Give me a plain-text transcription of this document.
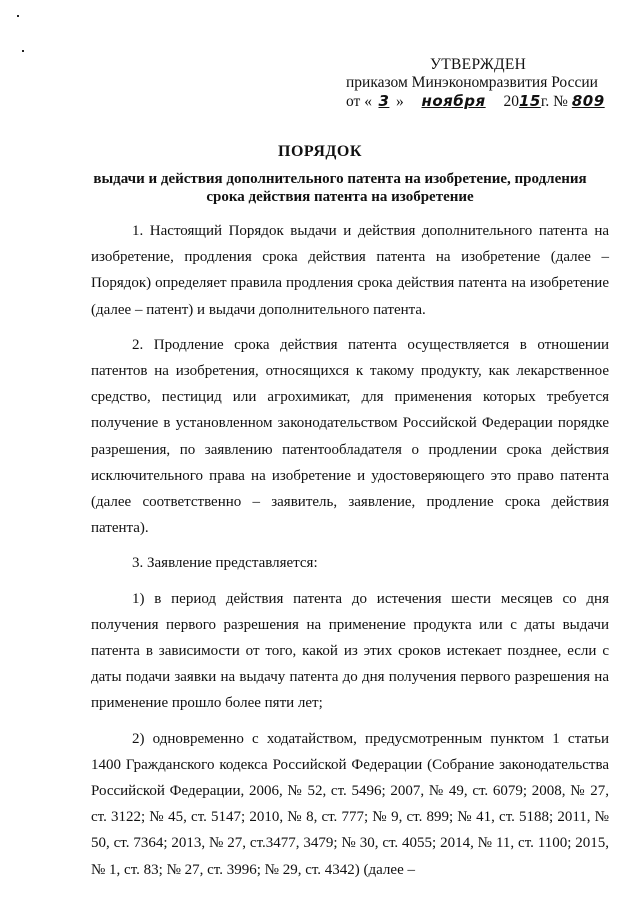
УТВЕРЖДЕН
приказом Минэкономразвития России
от « 3 » ноября 2015г. № 809
ПОРЯДОК
выдачи и действия дополнительного патента на изобретение, продления срока действия патента на изобретение

1. Настоящий Порядок выдачи и действия дополнительного патента на изобретение, продления срока действия патента на изобретение (далее – Порядок) определяет правила продления срока действия патента на изобретение (далее – патент) и выдачи дополнительного патента.

2. Продление срока действия патента осуществляется в отношении патентов на изобретения, относящихся к такому продукту, как лекарственное средство, пестицид или агрохимикат, для применения которых требуется получение в установленном законодательством Российской Федерации порядке разрешения, по заявлению патентообладателя о продлении срока действия исключительного права на изобретение и удостоверяющего это право патента (далее соответственно – заявитель, заявление, продление срока действия патента).

3. Заявление представляется:

1) в период действия патента до истечения шести месяцев со дня получения первого разрешения на применение продукта или с даты выдачи патента в зависимости от того, какой из этих сроков истекает позднее, если с даты подачи заявки на выдачу патента до дня получения первого разрешения на применение прошло более пяти лет;

2) одновременно с ходатайством, предусмотренным пунктом 1 статьи 1400 Гражданского кодекса Российской Федерации (Собрание законодательства Российской Федерации, 2006, № 52, ст. 5496; 2007, № 49, ст. 6079; 2008, № 27, ст. 3122; № 45, ст. 5147; 2010, № 8, ст. 777; № 9, ст. 899; № 41, ст. 5188; 2011, № 50, ст. 7364; 2013, № 27, ст.3477, 3479; № 30, ст. 4055; 2014, № 11, ст. 1100; 2015, № 1, ст. 83; № 27, ст. 3996; № 29, ст. 4342) (далее –
